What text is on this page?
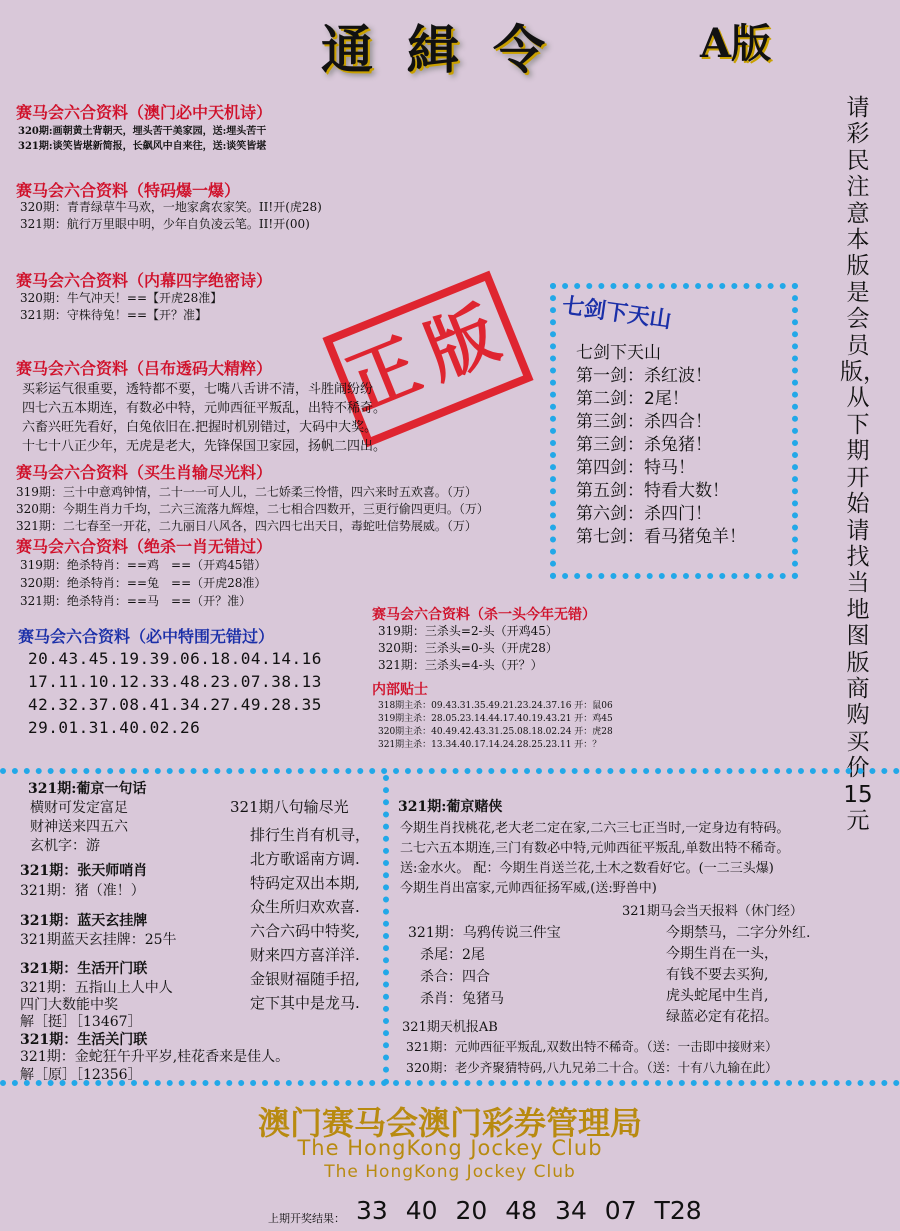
通緝令	A版
请彩民注意本版是会员版，从下期开始请找当地图版商购买价15元
赛马会六合资料（澳门必中天机诗）
320期:画朝黄土背朝天，埋头苦干美家园，送:埋头苦干
321期:谈笑皆堪新简报，长飙风中自来往，送:谈笑皆堪
赛马会六合资料（特码爆一爆）
320期：青青绿草牛马欢，一地家禽农家笑。II!开(虎28)
321期：航行万里眼中明，少年自负凌云笔。II!开(00)
赛马会六合资料（内幕四字绝密诗）
320期：牛气冲天！==【开虎28准】
321期：守株待兔！==【开？准】 正版
赛马会六合资料（吕布透码大精粹）
买彩运气很重要，透特都不要，七嘴八舌讲不清，斗胜闹纷纷
四七六五本期连，有数必中特，元帅西征平叛乱，出特不稀奇。
六畜兴旺先看好，白兔依旧在.把握时机别错过，大码中大奖。
十七十八正少年，无虎是老大，先锋保国卫家园，扬帆二四出。
赛马会六合资料（买生肖输尽光料）
319期：三十中意鸡钟情，二十一一可人儿，二七娇柔三怜惜，四六来时五欢喜。（万）
320期：今期生肖力千均，二六三流落九辉煌，二七相合四数开，三更行偷四更归。（万）
321期：二七春至一开花，二九丽日八风各，四六四七出天日，毒蛇吐信势展威。（万）
赛马会六合资料（绝杀一肖无错过）
319期：绝杀特肖：==鸡　==（开鸡45错）
320期：绝杀特肖：==兔　==（开虎28准）
321期：绝杀特肖：==马　==（开？准）
赛马会六合资料（必中特围无错过）
20.43.45.19.39.06.18.04.14.16
17.11.10.12.33.48.23.07.38.13
42.32.37.08.41.34.27.49.28.35
29.01.31.40.02.26
七剑下天山
七剑下天山
第一剑：杀红波！
第二剑：2尾！
第三剑：杀四合！
第三剑：杀兔猪！
第四剑：特马！
第五剑：特看大数！
第六剑：杀四门！
第七剑：看马猪兔羊！
赛马会六合资料（杀一头今年无错）
319期：三杀头=2-头（开鸡45）
320期：三杀头=0-头（开虎28）
321期：三杀头=4-头（开？）
内部贴士
318期主杀：09.43.31.35.49.21.23.24.37.16 开：鼠06
319期主杀：28.05.23.14.44.17.40.19.43.21 开：鸡45
320期主杀：40.49.42.43.31.25.08.18.02.24 开：虎28
321期主杀：13.34.40.17.14.24.28.25.23.11 开：？
321期:葡京一句话
横财可发定富足
财神送来四五六
玄机字：游
321期：张天师哨肖
321期：猪（准！）
321期：蓝天玄挂牌
321期蓝天玄挂牌：25牛
321期：生活开门联
321期：五指山上人中人
四门大数能中奖
解［挺］［13467］
321期：生活关门联
321期：金蛇狂午升平岁,桂花香来是佳人。
解［原］［12356］
321期八句输尽光
排行生肖有机寻，
北方歌谣南方调.
特码定双出本期,
众生所归欢欢喜.
六合六码中特奖,
财来四方喜洋洋.
金银财福随手招,
定下其中是龙马.
321期:葡京赌侠
今期生肖找桃花,老大老二定在家,二六三七正当时,一定身边有特码。
二七六五本期连,三门有数必中特,元帅西征平叛乱,单数出特不稀奇。
送:金水火。 配：今期生肖送兰花,土木之数看好它。(一二三头爆)
今期生肖出富家,元帅西征扬军威,(送:野兽中)
321期马会当天报料（休门经）
今期禁马，二字分外红.
今期生肖在一头，
有钱不要去买狗,
虎头蛇尾中生肖,
绿蓝必定有花招。
321期：乌鸦传说三件宝
杀尾：2尾
杀合：四合
杀肖：兔猪马
321期天机报AB
321期：元帅西征平叛乱,双数出特不稀奇。（送：一击即中接财来）
320期：老少齐聚猜特码,八九兄弟二十合。（送：十有八九输在此）
澳门赛马会澳门彩券管理局
The HongKong Jockey Club
The HongKong Jockey Club
上期开奖结果： 33 40 20 48 34 07 T28
